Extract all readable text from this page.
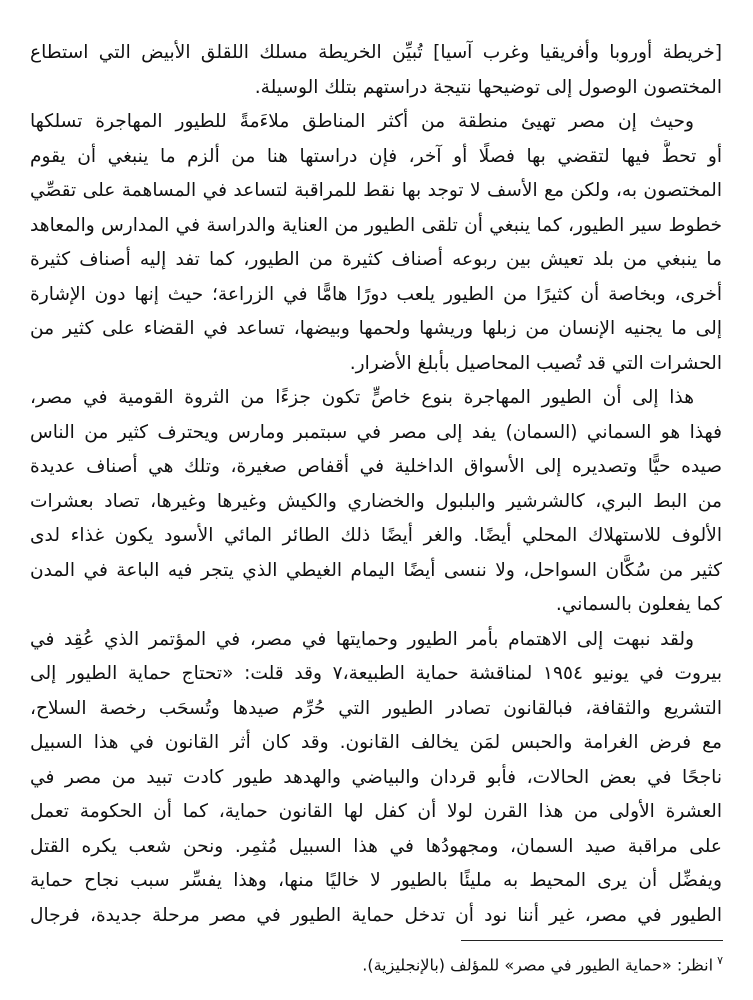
[خريطة أوروبا وأفريقيا وغرب آسيا] تُبيِّن الخريطة مسلك اللقلق الأبيض التي استطاع
المختصون الوصول إلى توضيحها نتيجة دراستهم بتلك الوسيلة.
وحيث إن مصر تهيئ منطقة من أكثر المناطق ملاءَمةً للطيور المهاجرة تسلكها
أو تحطُّ فيها لتقضي بها فصلًا أو آخر، فإن دراستها هنا من ألزم ما ينبغي أن يقوم
المختصون به، ولكن مع الأسف لا توجد بها نقط للمراقبة لتساعد في المساهمة على تقصِّي
خطوط سير الطيور، كما ينبغي أن تلقى الطيور من العناية والدراسة في المدارس والمعاهد
ما ينبغي من بلد تعيش بين ربوعه أصناف كثيرة من الطيور، كما تفد إليه أصناف كثيرة
أخرى، وبخاصة أن كثيرًا من الطيور يلعب دورًا هامًّا في الزراعة؛ حيث إنها دون الإشارة
إلى ما يجنيه الإنسان من زبلها وريشها ولحمها وبيضها، تساعد في القضاء على كثير من
الحشرات التي قد تُصيب المحاصيل بأبلغ الأضرار.
هذا إلى أن الطيور المهاجرة بنوع خاصٍّ تكون جزءًا من الثروة القومية في مصر،
فهذا هو السماني (السمان) يفد إلى مصر في سبتمبر ومارس ويحترف كثير من الناس
صيده حيًّا وتصديره إلى الأسواق الداخلية في أقفاص صغيرة، وتلك هي أصناف عديدة
من البط البري، كالشرشير والبلبول والخضاري والكيش وغيرها وغيرها، تصاد بعشرات
الألوف للاستهلاك المحلي أيضًا. والغر أيضًا ذلك الطائر المائي الأسود يكون غذاء لدى
كثير من سُكَّان السواحل، ولا ننسى أيضًا اليمام الغيطي الذي يتجر فيه الباعة في المدن
كما يفعلون بالسماني.
ولقد نبهت إلى الاهتمام بأمر الطيور وحمايتها في مصر، في المؤتمر الذي عُقِد في
بيروت في يونيو ١٩٥٤ لمناقشة حماية الطبيعة،٧ وقد قلت: «تحتاج حماية الطيور إلى
التشريع والثقافة، فبالقانون تصادر الطيور التي حُرِّم صيدها وتُسحَب رخصة السلاح،
مع فرض الغرامة والحبس لمَن يخالف القانون. وقد كان أثر القانون في هذا السبيل
ناجحًا في بعض الحالات، فأبو قردان والبياضي والهدهد طيور كادت تبيد من مصر في
العشرة الأولى من هذا القرن لولا أن كفل لها القانون حماية، كما أن الحكومة تعمل
على مراقبة صيد السمان، ومجهودُها في هذا السبيل مُثمِر. ونحن شعب يكره القتل
ويفضِّل أن يرى المحيط به مليئًا بالطيور لا خاليًا منها، وهذا يفسِّر سبب نجاح حماية
الطيور في مصر، غير أننا نود أن تدخل حماية الطيور في مصر مرحلة جديدة، فرجال
$^٧$انظر: «حماية الطيور في مصر» للمؤلف (بالإنجليزية).
